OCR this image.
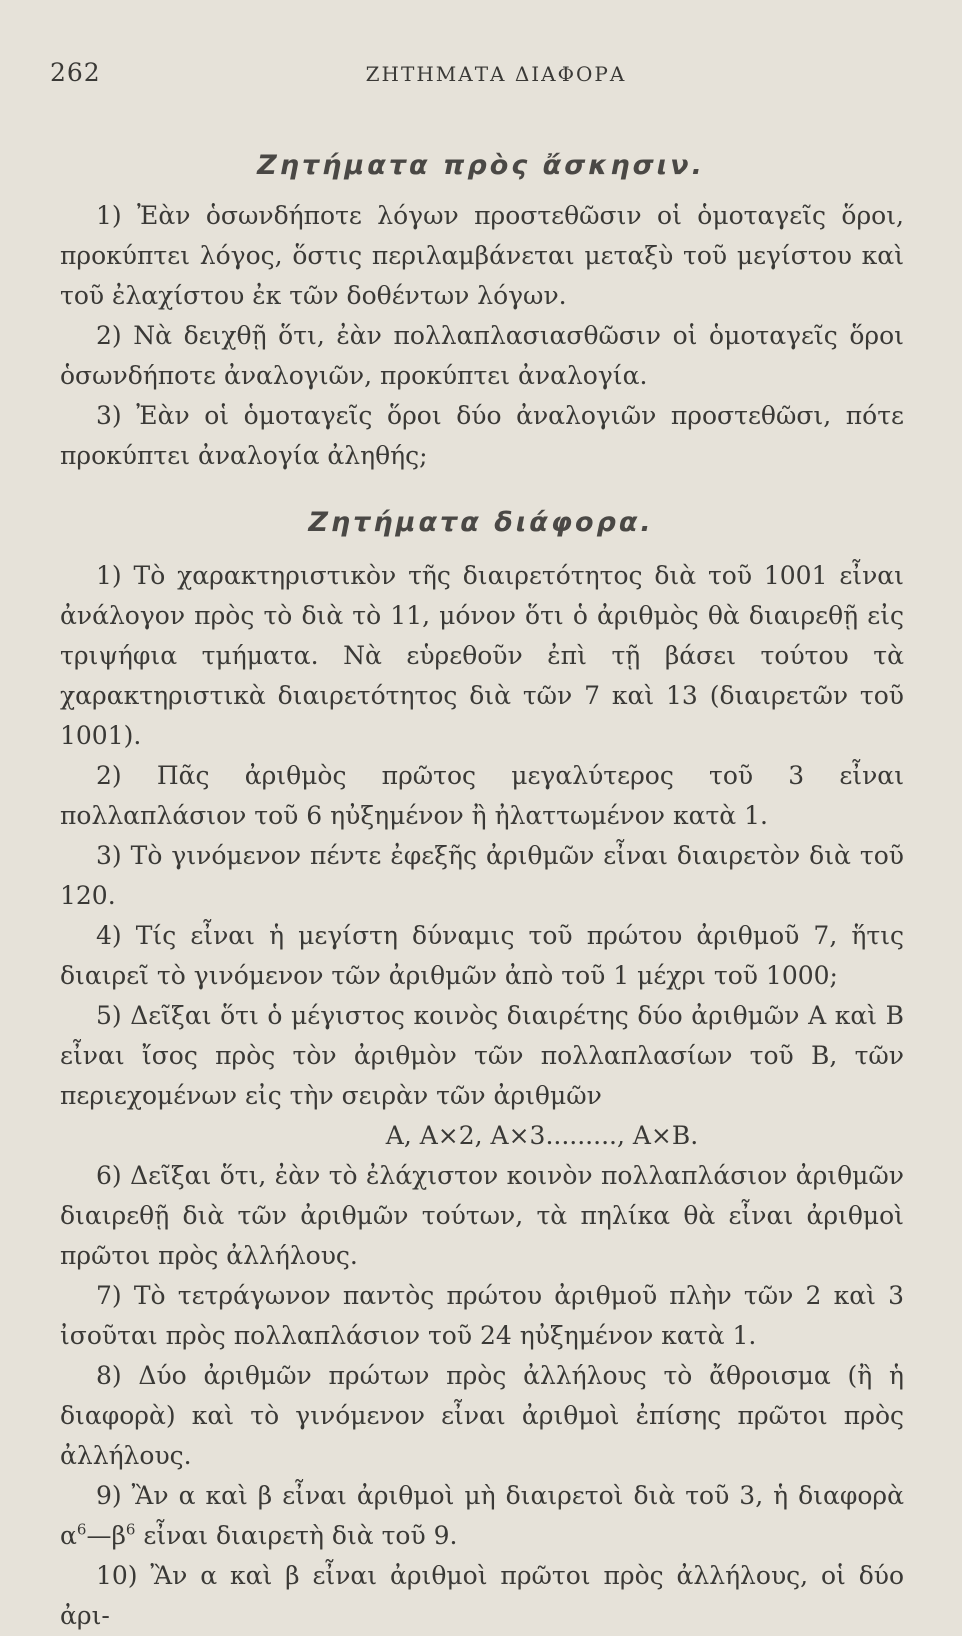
262	ΖΗΤΗΜΑΤΑ ΔΙΑΦΟΡΑ
Ζητήματα πρὸς ἄσκησιν.

1) Ἐὰν ὁσωνδήποτε λόγων προστεθῶσιν οἱ ὁμοταγεῖς ὅροι, προκύπτει λόγος, ὅστις περιλαμβάνεται μεταξὺ τοῦ μεγίστου καὶ τοῦ ἐλαχίστου ἐκ τῶν δοθέντων λόγων.

2) Νὰ δειχθῇ ὅτι, ἐὰν πολλαπλασιασθῶσιν οἱ ὁμοταγεῖς ὅροι ὁσωνδήποτε ἀναλογιῶν, προκύπτει ἀναλογία.

3) Ἐὰν οἱ ὁμοταγεῖς ὅροι δύο ἀναλογιῶν προστεθῶσι, πότε προκύπτει ἀναλογία ἀληθής;

Ζητήματα διάφορα.

1) Τὸ χαρακτηριστικὸν τῆς διαιρετότητος διὰ τοῦ 1001 εἶναι ἀνάλογον πρὸς τὸ διὰ τὸ 11, μόνον ὅτι ὁ ἀριθμὸς θὰ διαιρεθῇ εἰς τριψήφια τμήματα. Νὰ εὑρεθοῦν ἐπὶ τῇ βάσει τούτου τὰ χαρακτηριστικὰ διαιρετότητος διὰ τῶν 7 καὶ 13 (διαιρετῶν τοῦ 1001).

2) Πᾶς ἀριθμὸς πρῶτος μεγαλύτερος τοῦ 3 εἶναι πολλαπλάσιον τοῦ 6 ηὐξημένον ἢ ἠλαττωμένον κατὰ 1.

3) Τὸ γινόμενον πέντε ἐφεξῆς ἀριθμῶν εἶναι διαιρετὸν διὰ τοῦ 120.

4) Τίς εἶναι ἡ μεγίστη δύναμις τοῦ πρώτου ἀριθμοῦ 7, ἥτις διαιρεῖ τὸ γινόμενον τῶν ἀριθμῶν ἀπὸ τοῦ 1 μέχρι τοῦ 1000;

5) Δεῖξαι ὅτι ὁ μέγιστος κοινὸς διαιρέτης δύο ἀριθμῶν Α καὶ Β εἶναι ἴσος πρὸς τὸν ἀριθμὸν τῶν πολλαπλασίων τοῦ Β, τῶν περιεχομένων εἰς τὴν σειρὰν τῶν ἀριθμῶν

Α, Α×2, Α×3........., Α×Β.

6) Δεῖξαι ὅτι, ἐὰν τὸ ἐλάχιστον κοινὸν πολλαπλάσιον ἀριθμῶν διαιρεθῇ διὰ τῶν ἀριθμῶν τούτων, τὰ πηλίκα θὰ εἶναι ἀριθμοὶ πρῶτοι πρὸς ἀλλήλους.

7) Τὸ τετράγωνον παντὸς πρώτου ἀριθμοῦ πλὴν τῶν 2 καὶ 3 ἰσοῦται πρὸς πολλαπλάσιον τοῦ 24 ηὐξημένον κατὰ 1.

8) Δύο ἀριθμῶν πρώτων πρὸς ἀλλήλους τὸ ἄθροισμα (ἢ ἡ διαφορὰ) καὶ τὸ γινόμενον εἶναι ἀριθμοὶ ἐπίσης πρῶτοι πρὸς ἀλλήλους.

9) Ἂν α καὶ β εἶναι ἀριθμοὶ μὴ διαιρετοὶ διὰ τοῦ 3, ἡ διαφορὰ $\alpha^6—\beta^6$ εἶναι διαιρετὴ διὰ τοῦ 9.

10) Ἂν α καὶ β εἶναι ἀριθμοὶ πρῶτοι πρὸς ἀλλήλους, οἱ δύο ἀρι-
